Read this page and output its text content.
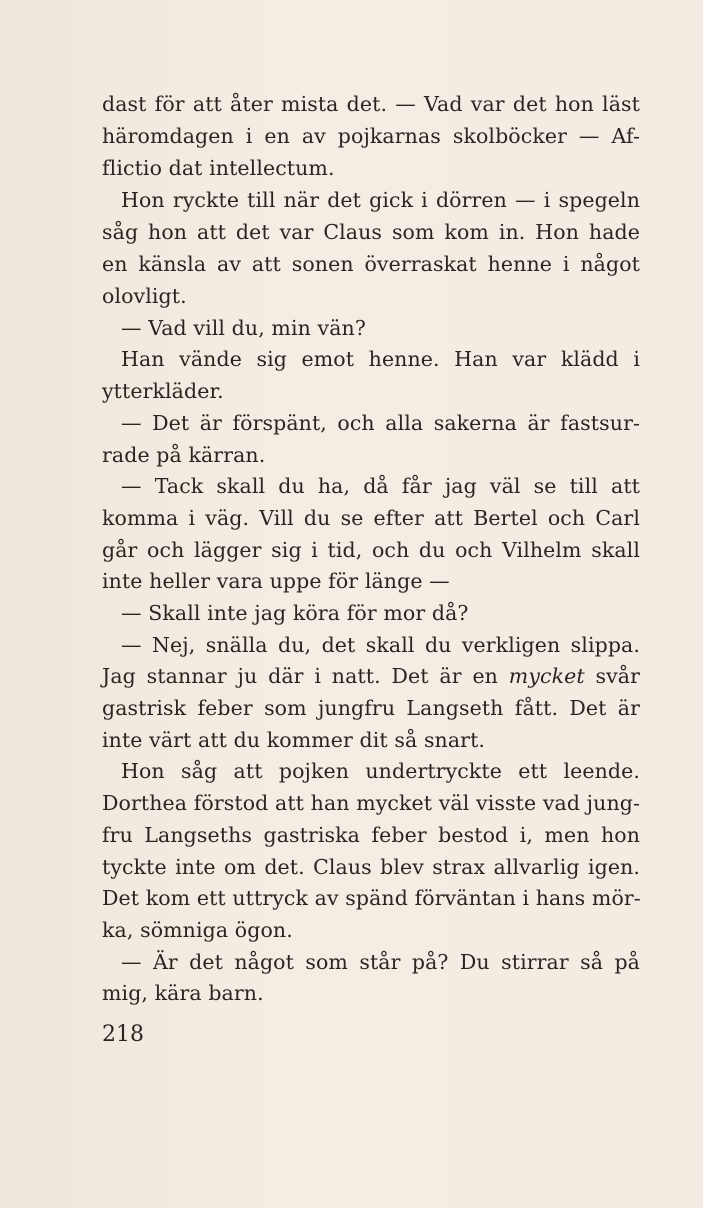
dast för att åter mista det. — Vad var det hon läst
häromdagen i en av pojkarnas skolböcker — Af-
flictio dat intellectum.
Hon ryckte till när det gick i dörren — i spegeln
såg hon att det var Claus som kom in. Hon hade
en känsla av att sonen överraskat henne i något
olovligt.
— Vad vill du, min vän?
Han vände sig emot henne. Han var klädd i
ytterkläder.
— Det är förspänt, och alla sakerna är fastsur-
rade på kärran.
— Tack skall du ha, då får jag väl se till att
komma i väg. Vill du se efter att Bertel och Carl
går och lägger sig i tid, och du och Vilhelm skall
inte heller vara uppe för länge —
— Skall inte jag köra för mor då?
— Nej, snälla du, det skall du verkligen slippa.
Jag stannar ju där i natt. Det är en mycket svår
gastrisk feber som jungfru Langseth fått. Det är
inte värt att du kommer dit så snart.
Hon såg att pojken undertryckte ett leende.
Dorthea förstod att han mycket väl visste vad jung-
fru Langseths gastriska feber bestod i, men hon
tyckte inte om det. Claus blev strax allvarlig igen.
Det kom ett uttryck av spänd förväntan i hans mör-
ka, sömniga ögon.
— Är det något som står på? Du stirrar så på
mig, kära barn.
218
